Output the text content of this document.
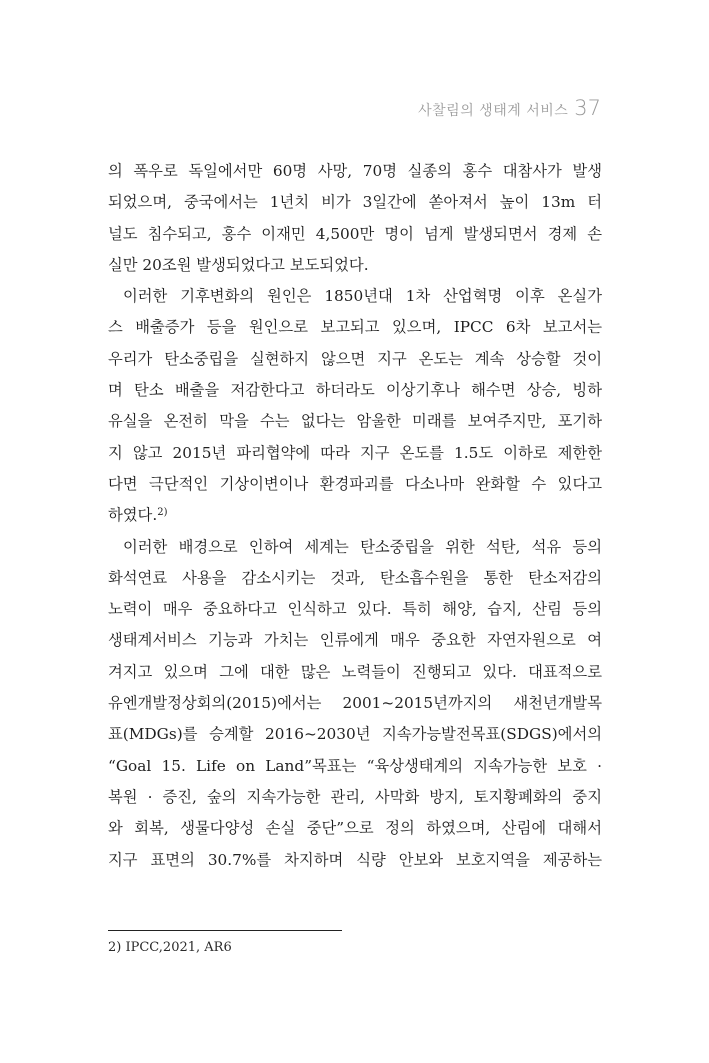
사찰림의 생태계 서비스 37
의 폭우로 독일에서만 60명 사망, 70명 실종의 홍수 대참사가 발생
되었으며, 중국에서는 1년치 비가 3일간에 쏟아져서 높이 13m 터
널도 침수되고, 홍수 이재민 4,500만 명이 넘게 발생되면서 경제 손
실만 20조원 발생되었다고 보도되었다.
이러한 기후변화의 원인은 1850년대 1차 산업혁명 이후 온실가
스 배출증가 등을 원인으로 보고되고 있으며, IPCC 6차 보고서는
우리가 탄소중립을 실현하지 않으면 지구 온도는 계속 상승할 것이
며 탄소 배출을 저감한다고 하더라도 이상기후나 해수면 상승, 빙하
유실을 온전히 막을 수는 없다는 암울한 미래를 보여주지만, 포기하
지 않고 2015년 파리협약에 따라 지구 온도를 1.5도 이하로 제한한
다면 극단적인 기상이변이나 환경파괴를 다소나마 완화할 수 있다고
하였다.$^{2)}$
이러한 배경으로 인하여 세계는 탄소중립을 위한 석탄, 석유 등의
화석연료 사용을 감소시키는 것과, 탄소흡수원을 통한 탄소저감의
노력이 매우 중요하다고 인식하고 있다. 특히 해양, 습지, 산림 등의
생태계서비스 기능과 가치는 인류에게 매우 중요한 자연자원으로 여
겨지고 있으며 그에 대한 많은 노력들이 진행되고 있다. 대표적으로
유엔개발정상회의(2015)에서는 2001~2015년까지의 새천년개발목
표(MDGs)를 승계할 2016~2030년 지속가능발전목표(SDGS)에서의
“Goal 15. Life on Land”목표는 “육상생태계의 지속가능한 보호 ·
복원 · 증진, 숲의 지속가능한 관리, 사막화 방지, 토지황폐화의 중지
와 회복, 생물다양성 손실 중단”으로 정의 하였으며, 산림에 대해서
지구 표면의 30.7%를 차지하며 식량 안보와 보호지역을 제공하는
2) IPCC,2021, AR6
